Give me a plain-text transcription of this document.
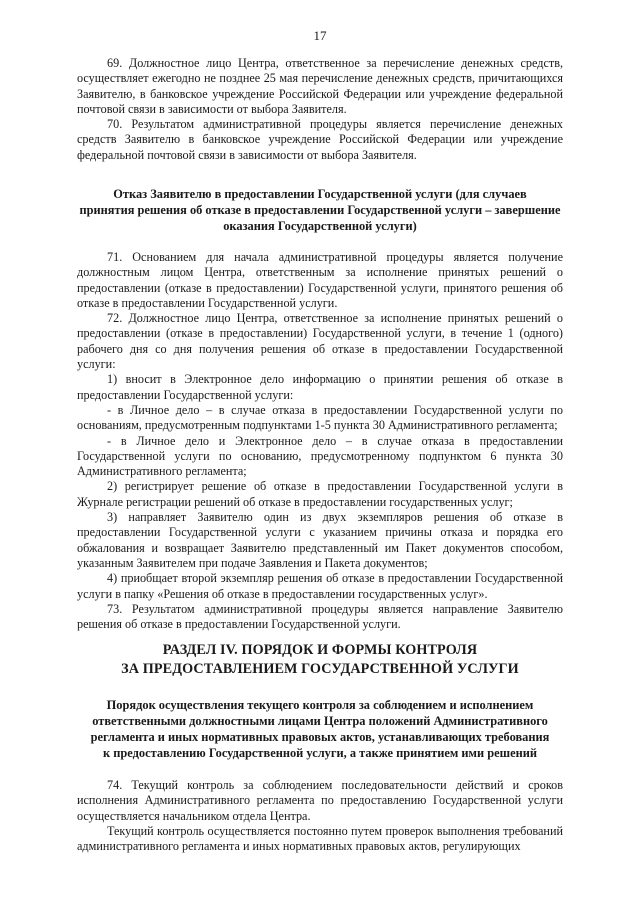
17

69. Должностное лицо Центра, ответственное за перечисление денежных средств, осуществляет ежегодно не позднее 25 мая перечисление денежных средств, причитающихся Заявителю, в банковское учреждение Российской Федерации или учреждение федеральной почтовой связи в зависимости от выбора Заявителя.

70. Результатом административной процедуры является перечисление денежных средств Заявителю в банковское учреждение Российской Федерации или учреждение федеральной почтовой связи в зависимости от выбора Заявителя.

Отказ Заявителю в предоставлении Государственной услуги (для случаев
принятия решения об отказе в предоставлении Государственной услуги – завершение
оказания Государственной услуги)

71. Основанием для начала административной процедуры является получение должностным лицом Центра, ответственным за исполнение принятых решений о предоставлении (отказе в предоставлении) Государственной услуги, принятого решения об отказе в предоставлении Государственной услуги.

72. Должностное лицо Центра, ответственное за исполнение принятых решений о предоставлении (отказе в предоставлении) Государственной услуги, в течение 1 (одного) рабочего дня со дня получения решения об отказе в предоставлении Государственной услуги:

1) вносит в Электронное дело информацию о принятии решения об отказе в предоставлении Государственной услуги:

- в Личное дело – в случае отказа в предоставлении Государственной услуги по основаниям, предусмотренным подпунктами 1-5 пункта 30 Административного регламента;

- в Личное дело и Электронное дело – в случае отказа в предоставлении Государственной услуги по основанию, предусмотренному подпунктом 6 пункта 30 Административного регламента;

2) регистрирует решение об отказе в предоставлении Государственной услуги в Журнале регистрации решений об отказе в предоставлении государственных услуг;

3) направляет Заявителю один из двух экземпляров решения об отказе в предоставлении Государственной услуги с указанием причины отказа и порядка его обжалования и возвращает Заявителю представленный им Пакет документов способом, указанным Заявителем при подаче Заявления и Пакета документов;

4) приобщает второй экземпляр решения об отказе в предоставлении Государственной услуги в папку «Решения об отказе в предоставлении государственных услуг».

73. Результатом административной процедуры является направление Заявителю решения об отказе в предоставлении Государственной услуги.

РАЗДЕЛ IV. ПОРЯДОК И ФОРМЫ КОНТРОЛЯ
ЗА ПРЕДОСТАВЛЕНИЕМ ГОСУДАРСТВЕННОЙ УСЛУГИ
Порядок осуществления текущего контроля за соблюдением и исполнением
ответственными должностными лицами Центра положений Административного
регламента и иных нормативных правовых актов, устанавливающих требования
к предоставлению Государственной услуги, а также принятием ими решений

74. Текущий контроль за соблюдением последовательности действий и сроков исполнения Административного регламента по предоставлению Государственной услуги осуществляется начальником отдела Центра.

Текущий контроль осуществляется постоянно путем проверок выполнения требований административного регламента и иных нормативных правовых актов, регулирующих
